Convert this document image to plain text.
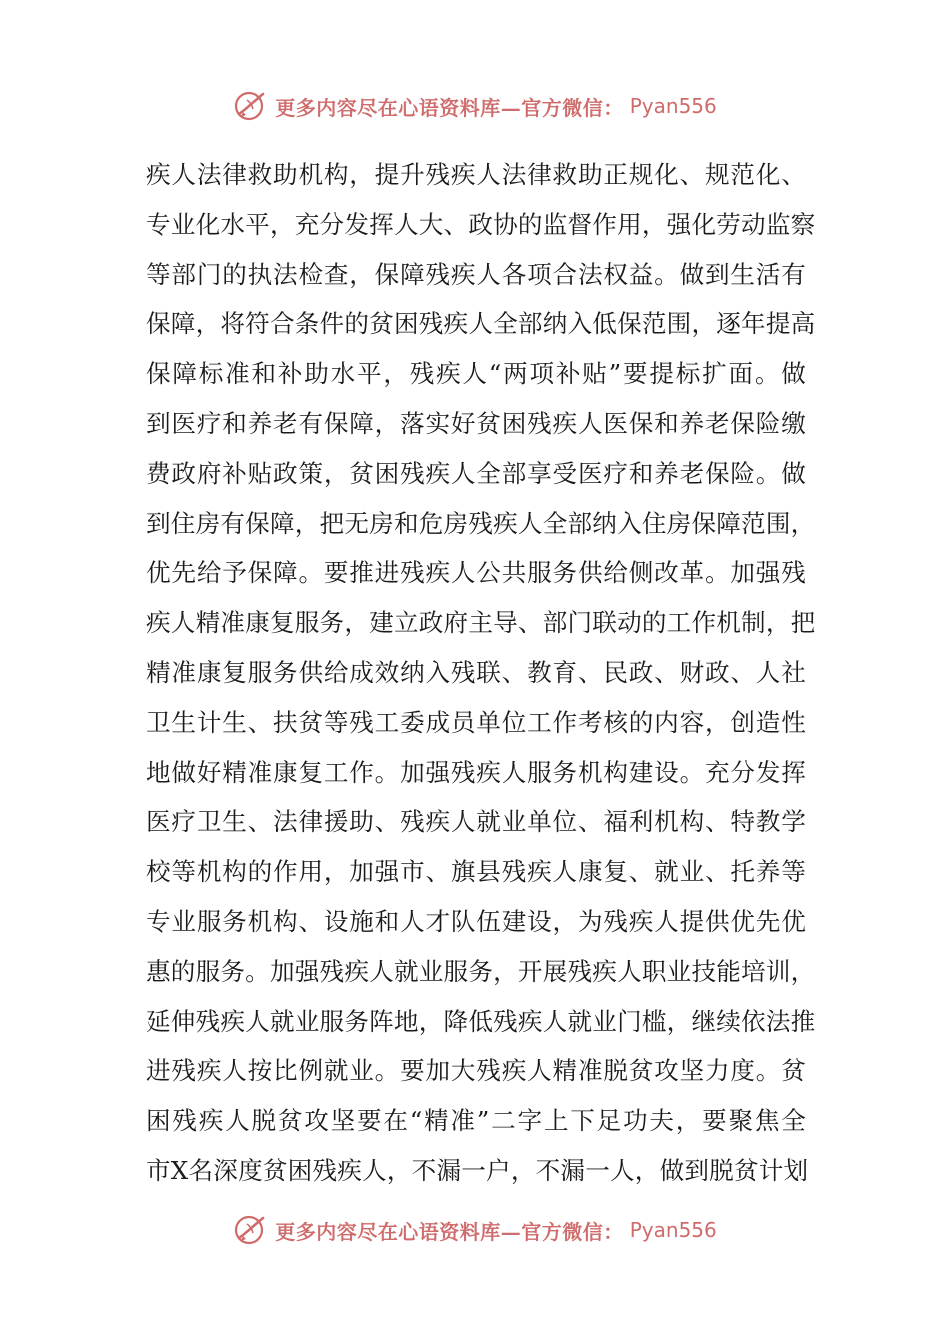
更多内容尽在心语资料库—官方微信： Pyan556
疾人法律救助机构，提升残疾人法律救助正规化、规范化、
专业化水平，充分发挥人大、政协的监督作用，强化劳动监察
等部门的执法检查，保障残疾人各项合法权益。做到生活有
保障，将符合条件的贫困残疾人全部纳入低保范围，逐年提高
保障标准和补助水平，残疾人“两项补贴”要提标扩面。做
到医疗和养老有保障，落实好贫困残疾人医保和养老保险缴
费政府补贴政策，贫困残疾人全部享受医疗和养老保险。做
到住房有保障，把无房和危房残疾人全部纳入住房保障范围，
优先给予保障。要推进残疾人公共服务供给侧改革。加强残
疾人精准康复服务，建立政府主导、部门联动的工作机制，把
精准康复服务供给成效纳入残联、教育、民政、财政、人社
卫生计生、扶贫等残工委成员单位工作考核的内容，创造性
地做好精准康复工作。加强残疾人服务机构建设。充分发挥
医疗卫生、法律援助、残疾人就业单位、福利机构、特教学
校等机构的作用，加强市、旗县残疾人康复、就业、托养等
专业服务机构、设施和人才队伍建设，为残疾人提供优先优
惠的服务。加强残疾人就业服务，开展残疾人职业技能培训，
延伸残疾人就业服务阵地，降低残疾人就业门槛，继续依法推
进残疾人按比例就业。要加大残疾人精准脱贫攻坚力度。贫
困残疾人脱贫攻坚要在“精准”二字上下足功夫，要聚焦全
市X名深度贫困残疾人，不漏一户，不漏一人，做到脱贫计划
更多内容尽在心语资料库—官方微信： Pyan556
